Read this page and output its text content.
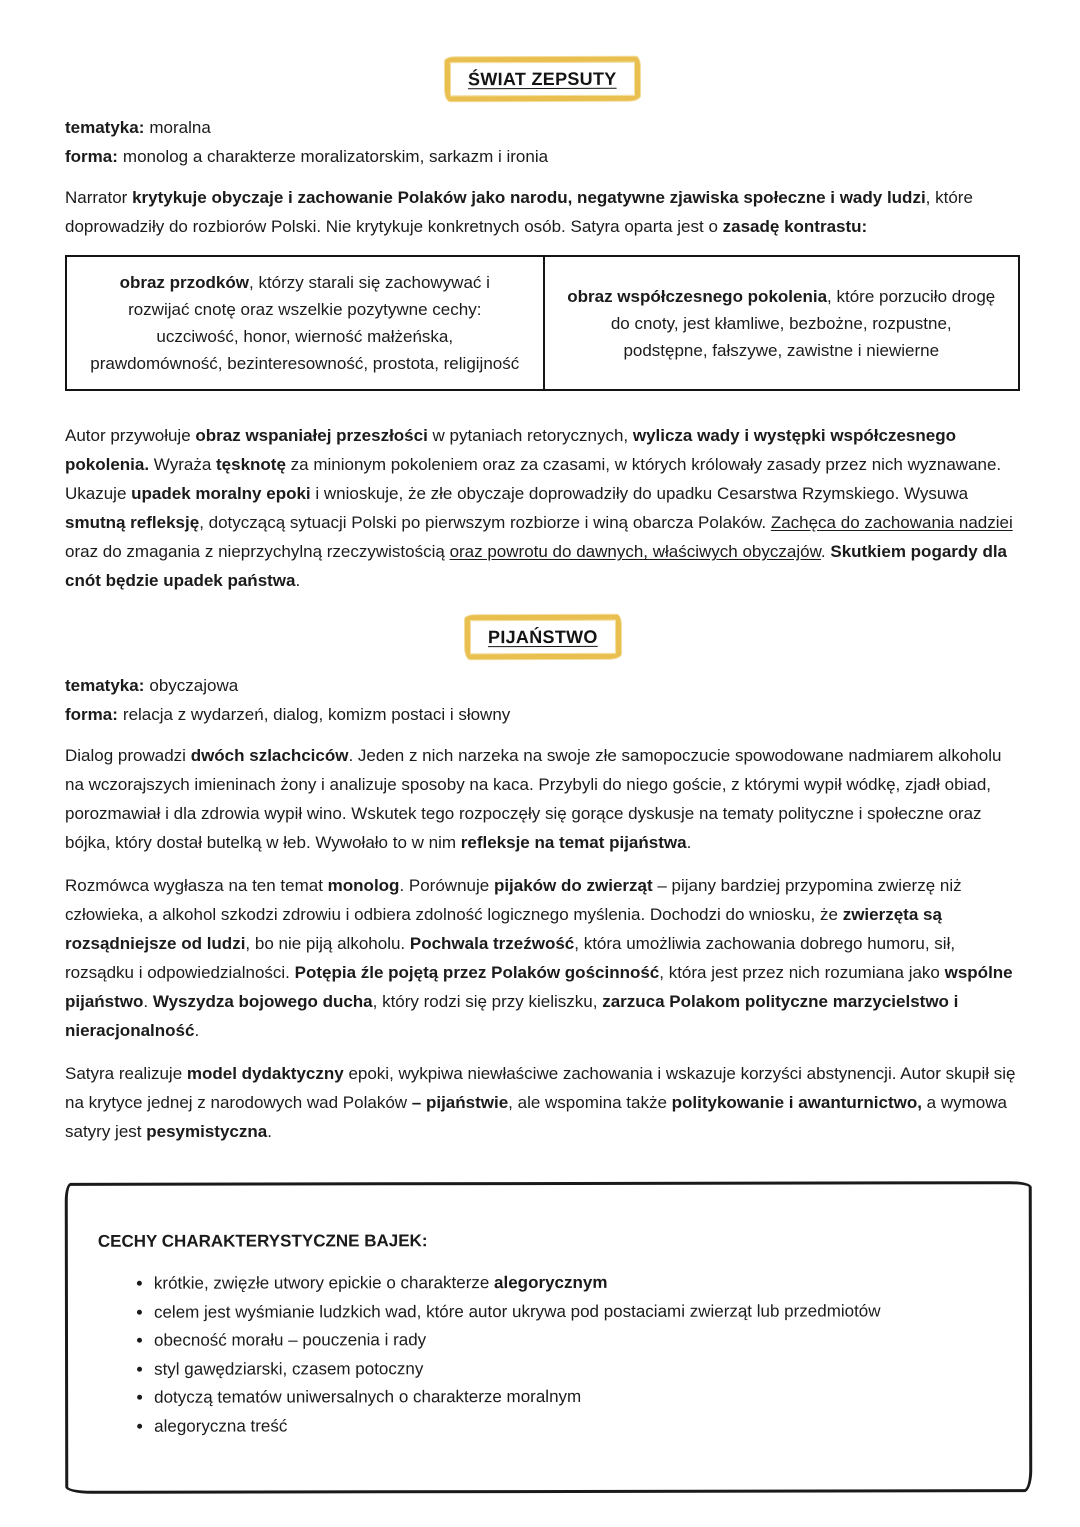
ŚWIAT ZEPSUTY

tematyka: moralna

forma: monolog a charakterze moralizatorskim, sarkazm i ironia

Narrator krytykuje obyczaje i zachowanie Polaków jako narodu, negatywne zjawiska społeczne i wady ludzi, które doprowadziły do rozbiorów Polski. Nie krytykuje konkretnych osób. Satyra oparta jest o zasadę kontrastu:

obraz przodków, którzy starali się zachowywać i rozwijać cnotę oraz wszelkie pozytywne cechy: uczciwość, honor, wierność małżeńska, prawdomówność, bezinteresowność, prostota, religijność
obraz współczesnego pokolenia, które porzuciło drogę do cnoty, jest kłamliwe, bezbożne, rozpustne, podstępne, fałszywe, zawistne i niewierne

Autor przywołuje obraz wspaniałej przeszłości w pytaniach retorycznych, wylicza wady i występki współczesnego pokolenia. Wyraża tęsknotę za minionym pokoleniem oraz za czasami, w których królowały zasady przez nich wyznawane. Ukazuje upadek moralny epoki i wnioskuje, że złe obyczaje doprowadziły do upadku Cesarstwa Rzymskiego. Wysuwa smutną refleksję, dotyczącą sytuacji Polski po pierwszym rozbiorze i winą obarcza Polaków. Zachęca do zachowania nadziei oraz do zmagania z nieprzychylną rzeczywistością oraz powrotu do dawnych, właściwych obyczajów. Skutkiem pogardy dla cnót będzie upadek państwa.

PIJAŃSTWO

tematyka: obyczajowa

forma: relacja z wydarzeń, dialog, komizm postaci i słowny

Dialog prowadzi dwóch szlachciców. Jeden z nich narzeka na swoje złe samopoczucie spowodowane nadmiarem alkoholu na wczorajszych imieninach żony i analizuje sposoby na kaca. Przybyli do niego goście, z którymi wypił wódkę, zjadł obiad, porozmawiał i dla zdrowia wypił wino. Wskutek tego rozpoczęły się gorące dyskusje na tematy polityczne i społeczne oraz bójka, który dostał butelką w łeb. Wywołało to w nim refleksje na temat pijaństwa.

Rozmówca wygłasza na ten temat monolog. Porównuje pijaków do zwierząt – pijany bardziej przypomina zwierzę niż człowieka, a alkohol szkodzi zdrowiu i odbiera zdolność logicznego myślenia. Dochodzi do wniosku, że zwierzęta są rozsądniejsze od ludzi, bo nie piją alkoholu. Pochwala trzeźwość, która umożliwia zachowania dobrego humoru, sił, rozsądku i odpowiedzialności. Potępia źle pojętą przez Polaków gościnność, która jest przez nich rozumiana jako wspólne pijaństwo. Wyszydza bojowego ducha, który rodzi się przy kieliszku, zarzuca Polakom polityczne marzycielstwo i nieracjonalność.

Satyra realizuje model dydaktyczny epoki, wykpiwa niewłaściwe zachowania i wskazuje korzyści abstynencji. Autor skupił się na krytyce jednej z narodowych wad Polaków – pijaństwie, ale wspomina także politykowanie i awanturnictwo, a wymowa satyry jest pesymistyczna.

CECHY CHARAKTERYSTYCZNE BAJEK:

• krótkie, zwięzłe utwory epickie o charakterze alegorycznym
• celem jest wyśmianie ludzkich wad, które autor ukrywa pod postaciami zwierząt lub przedmiotów
• obecność morału – pouczenia i rady
• styl gawędziarski, czasem potoczny
• dotyczą tematów uniwersalnych o charakterze moralnym
• alegoryczna treść
